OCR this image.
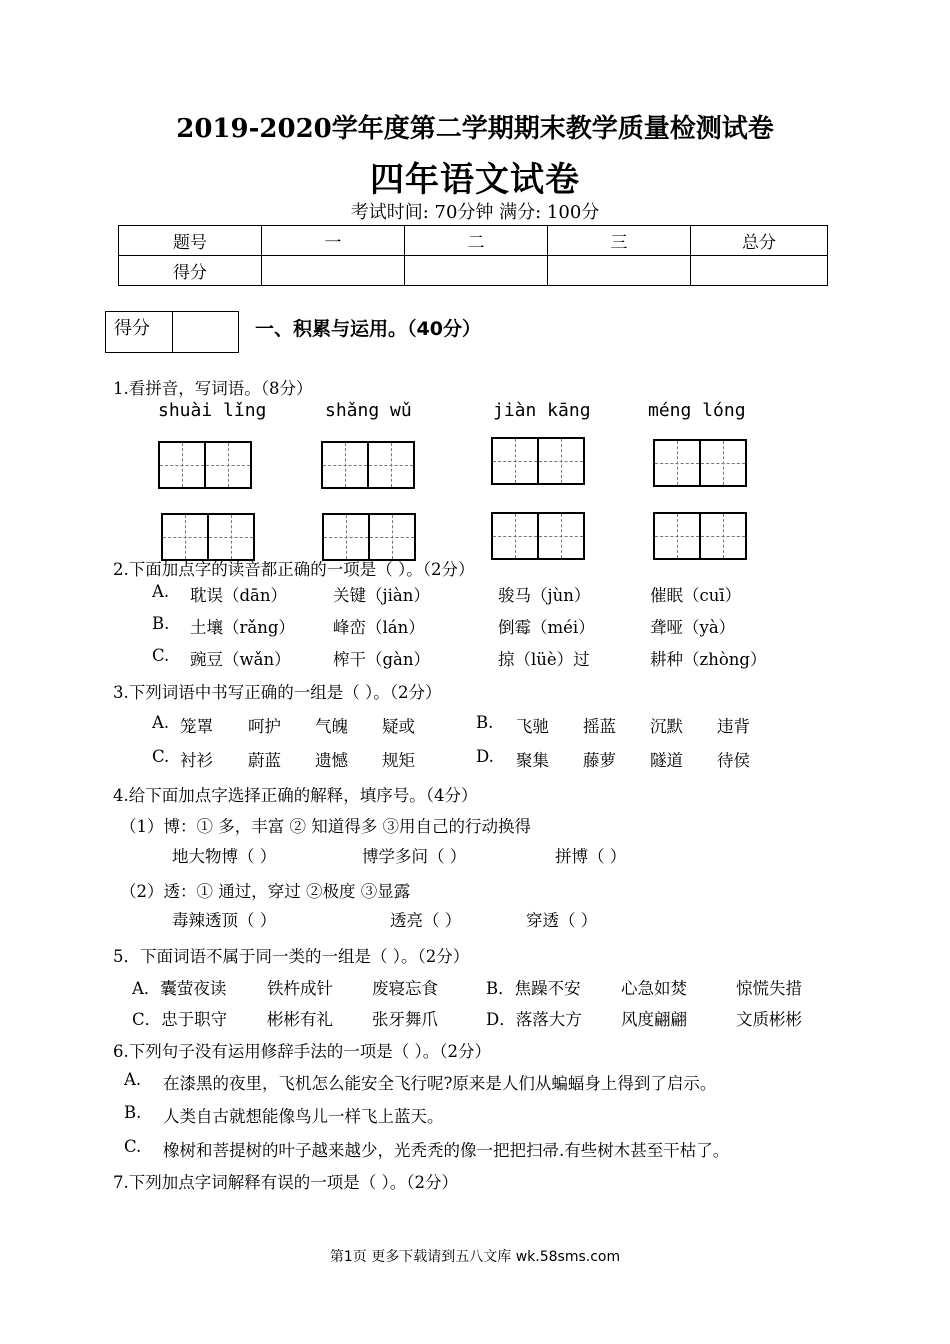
2019-2020学年度第二学期期末教学质量检测试卷
四年语文试卷
考试时间: 70分钟 满分: 100分
题号	一	二	三	总分
得分				
得分	一、积累与运用。（40分）
1.看拼音，写词语。（8分）
shuài lǐng	shǎng wǔ	jiàn kāng	méng lóng
2.下面加点字的读音都正确的一项是（ ）。（2分）
A. 耽误（dān）	关键（jiàn）	骏马（jùn）	催眠（cuī）
B. 土壤（rǎng） 峰峦（lán）	倒霉（méi）	聋哑（yà）
C. 豌豆（wǎn）	榨干（gàn）	掠（lüè）过	耕种（zhòng）
3.下列词语中书写正确的一组是（ ）。（2分）
A. 笼罩 呵护 气魄 疑或	B. 飞驰 摇蓝 沉默 违背
C. 衬衫 蔚蓝 遗憾 规矩	D. 聚集 藤萝 隧道 待侯
4.给下面加点字选择正确的解释，填序号。（4分）
（1）博：① 多，丰富 ② 知道得多 ③用自己的行动换得
地大物博（ ）	博学多问（ ）	拼博（ ）
（2）透：① 通过，穿过 ②极度 ③显露
毒辣透顶（ ）	透亮（ ）	穿透（ ）
5．下面词语不属于同一类的一组是（ ）。（2分）
A．囊萤夜读 铁杵成针 废寝忘食	B．焦躁不安 心急如焚	惊慌失措
C．忠于职守 彬彬有礼 张牙舞爪	D．落落大方 风度翩翩	文质彬彬
6.下列句子没有运用修辞手法的一项是（ ）。（2分）
A. 在漆黑的夜里，飞机怎么能安全飞行呢?原来是人们从蝙蝠身上得到了启示。
B. 人类自古就想能像鸟儿一样飞上蓝天。
C. 橡树和菩提树的叶子越来越少，光秃秃的像一把把扫帚.有些树木甚至干枯了。
7.下列加点字词解释有误的一项是（ ）。（2分）
第1页 更多下载请到五八文库 wk.58sms.com
